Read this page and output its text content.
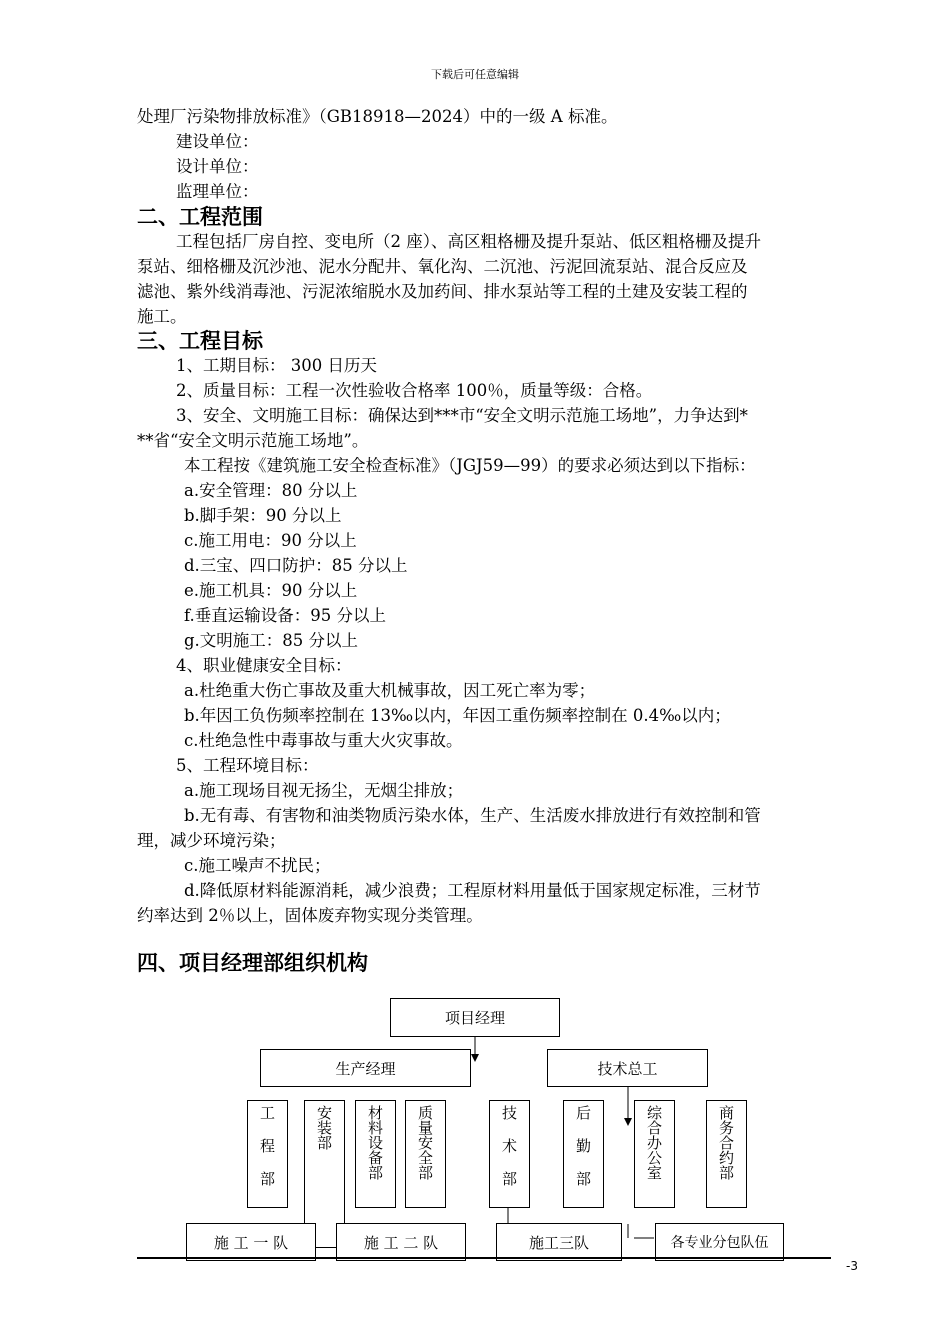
下载后可任意编辑
处理厂污染物排放标准》（GB18918—2024）中的一级 A 标准。
建设单位：
设计单位：
监理单位：
二、工程范围
工程包括厂房自控、变电所（2 座）、高区粗格栅及提升泵站、低区粗格栅及提升
泵站、细格栅及沉沙池、泥水分配井、氧化沟、二沉池、污泥回流泵站、混合反应及
滤池、紫外线消毒池、污泥浓缩脱水及加药间、排水泵站等工程的土建及安装工程的
施工。
三、工程目标
1、工期目标： 300 日历天
2、质量目标：工程一次性验收合格率 100％，质量等级：合格。
3、安全、文明施工目标：确保达到***市“安全文明示范施工场地”，力争达到*
**省“安全文明示范施工场地”。
本工程按《建筑施工安全检查标准》（JGJ59—99）的要求必须达到以下指标：
a.安全管理：80 分以上
b.脚手架：90 分以上
c.施工用电：90 分以上
d.三宝、四口防护：85 分以上
e.施工机具：90 分以上
f.垂直运输设备：95 分以上
g.文明施工：85 分以上
4、职业健康安全目标：
a.杜绝重大伤亡事故及重大机械事故，因工死亡率为零；
b.年因工负伤频率控制在 13‰以内，年因工重伤频率控制在 0.4‰以内；
c.杜绝急性中毒事故与重大火灾事故。
5、工程环境目标：
a.施工现场目视无扬尘，无烟尘排放；
b.无有毒、有害物和油类物质污染水体，生产、生活废水排放进行有效控制和管
理，减少环境污染；
c.施工噪声不扰民；
d.降低原材料能源消耗，减少浪费；工程原材料用量低于国家规定标准，三材节
约率达到 2％以上，固体废弃物实现分类管理。
四、项目经理部组织机构
项目经理
生产经理	技术总工
工程部	安装部 材料设备部 质量安全部	技术部	后勤部	综合办公室	商务合约部
施 工 一 队	施 工 二 队	施工三队	各专业分包队伍
-3
